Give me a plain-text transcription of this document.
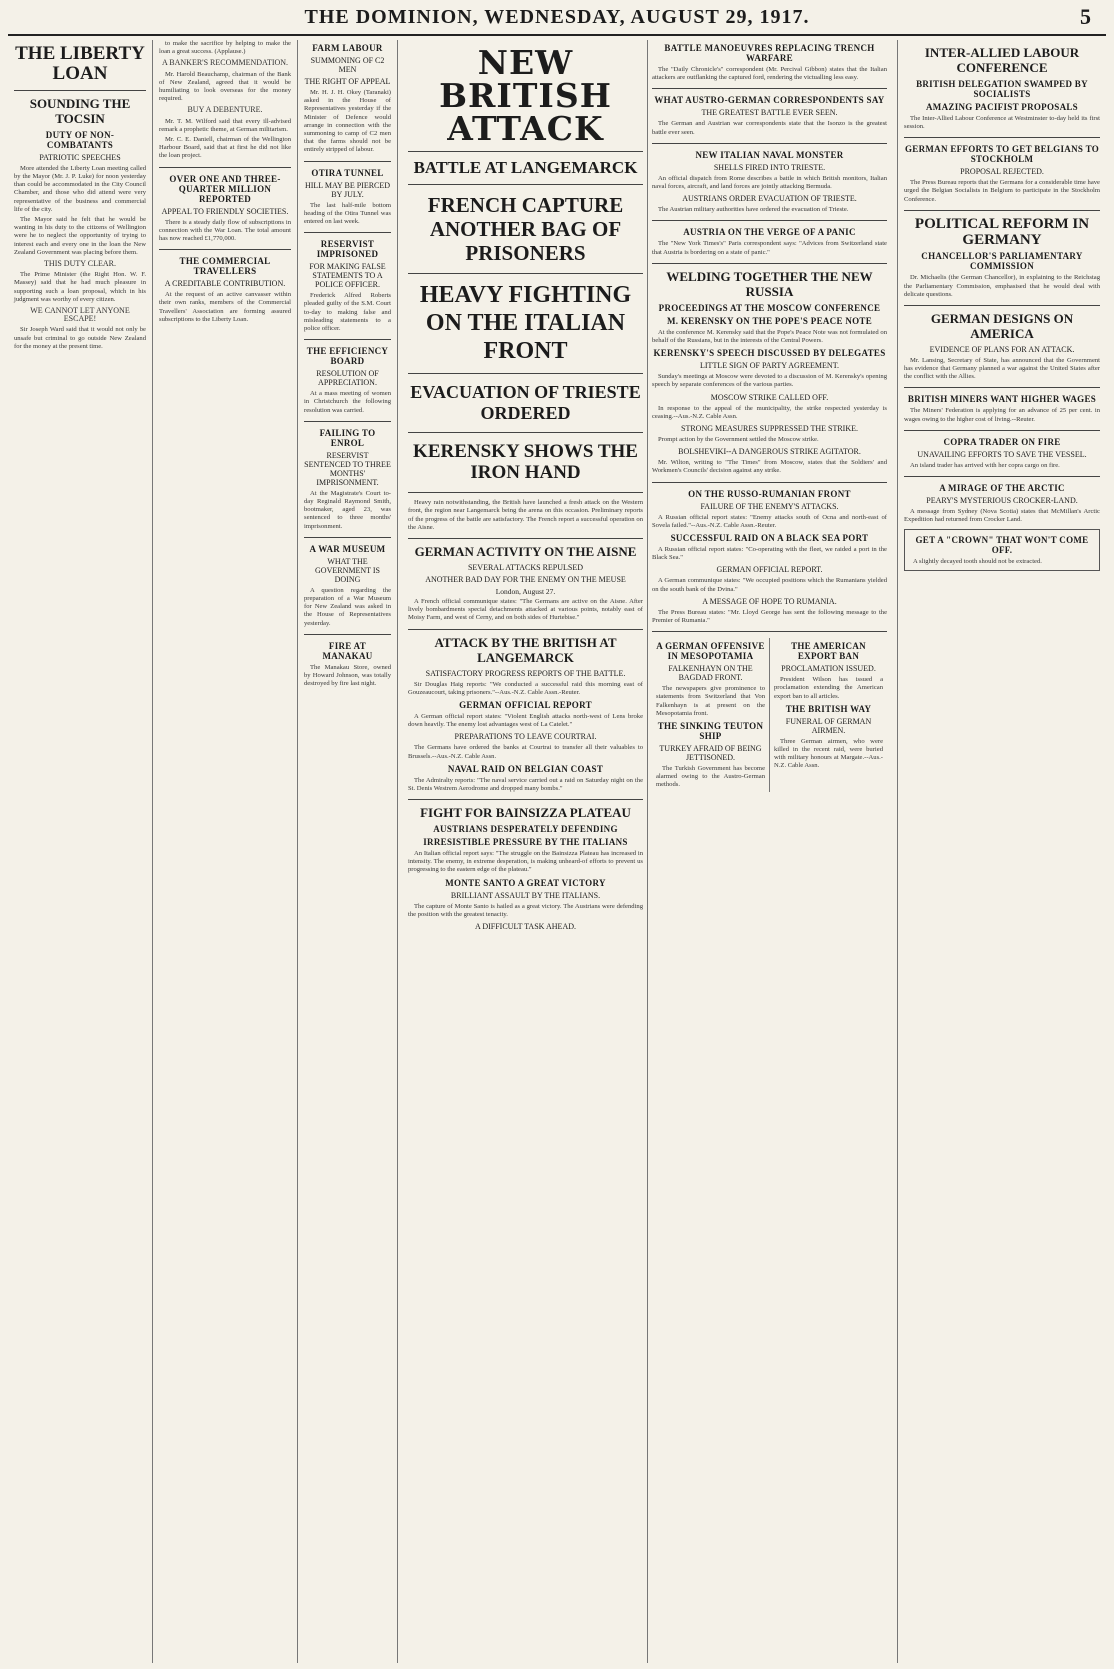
THE DOMINION, WEDNESDAY, AUGUST 29, 1917.	5
THE LIBERTY LOAN
SOUNDING THE TOCSIN
DUTY OF NON-COMBATANTS
PATRIOTIC SPEECHES

More attended the Liberty Loan meeting called by the Mayor (Mr. J. P. Luke) for noon yesterday than could be accommodated in the City Council Chamber, and those who did attend were very representative of the business and commercial life of the city.

The Mayor said he felt that he would be wanting in his duty to the citizens of Wellington were he to neglect the opportunity of trying to interest each and every one in the loan the New Zealand Government was placing before them.

THIS DUTY CLEAR.

The Prime Minister (the Right Hon. W. F. Massey) said that he had much pleasure in supporting such a loan proposal, which in his judgment was worthy of every citizen.

WE CANNOT LET ANYONE ESCAPE!

Sir Joseph Ward said that it would not only be unsafe but criminal to go outside New Zealand for the money at the present time.

to make the sacrifice by helping to make the loan a great success. (Applause.)

A BANKER'S RECOMMENDATION.

Mr. Harold Beauchamp, chairman of the Bank of New Zealand, agreed that it would be humiliating to look overseas for the money required.

BUY A DEBENTURE.

Mr. T. M. Wilford said that every ill-advised remark a prophetic theme, at German militarism.

Mr. C. E. Daniell, chairman of the Wellington Harbour Board, said that at first he did not like the loan project.

OVER ONE AND THREE-QUARTER MILLION REPORTED
APPEAL TO FRIENDLY SOCIETIES.

There is a steady daily flow of subscriptions in connection with the War Loan. The total amount has now reached £1,770,000.

THE COMMERCIAL TRAVELLERS
A CREDITABLE CONTRIBUTION.

At the request of an active canvasser within their own ranks, members of the Commercial Travellers' Association are forming assured subscriptions to the Liberty Loan.

FARM LABOUR
SUMMONING OF C2 MEN
THE RIGHT OF APPEAL

Mr. H. J. H. Okey (Taranaki) asked in the House of Representatives yesterday if the Minister of Defence would arrange in connection with the summoning to camp of C2 men that the farms should not be entirely stripped of labour.

OTIRA TUNNEL
HILL MAY BE PIERCED BY JULY.

The last half-mile bottom heading of the Otira Tunnel was entered on last week.

RESERVIST IMPRISONED
FOR MAKING FALSE STATEMENTS TO A POLICE OFFICER.

Frederick Alfred Roberts pleaded guilty of the S.M. Court to-day to making false and misleading statements to a police officer.

THE EFFICIENCY BOARD
RESOLUTION OF APPRECIATION.

At a mass meeting of women in Christchurch the following resolution was carried.

FAILING TO ENROL
RESERVIST SENTENCED TO THREE MONTHS' IMPRISONMENT.

At the Magistrate's Court to-day Reginald Raymond Smith, bootmaker, aged 23, was sentenced to three months' imprisonment.

A WAR MUSEUM
WHAT THE GOVERNMENT IS DOING

A question regarding the preparation of a War Museum for New Zealand was asked in the House of Representatives yesterday.

FIRE AT MANAKAU

The Manakau Store, owned by Howard Johnson, was totally destroyed by fire last night.

NEW BRITISH ATTACK
BATTLE AT LANGEMARCK
FRENCH CAPTURE ANOTHER BAG OF PRISONERS
HEAVY FIGHTING ON THE ITALIAN FRONT
EVACUATION OF TRIESTE ORDERED
KERENSKY SHOWS THE IRON HAND

Heavy rain notwithstanding, the British have launched a fresh attack on the Western front, the region near Langemarck being the arena on this occasion. Preliminary reports of the progress of the battle are satisfactory. The French report a successful operation on the Aisne.

GERMAN ACTIVITY ON THE AISNE
SEVERAL ATTACKS REPULSED
ANOTHER BAD DAY FOR THE ENEMY ON THE MEUSE
London, August 27.

A French official communique states: "The Germans are active on the Aisne. After lively bombardments special detachments attacked at various points, notably east of Moisy Farm, and west of Cerny, and on both sides of Hurtebise."

ATTACK BY THE BRITISH AT LANGEMARCK
SATISFACTORY PROGRESS REPORTS OF THE BATTLE.

Sir Douglas Haig reports: "We conducted a successful raid this morning east of Gouzeaucourt, taking prisoners."--Aus.-N.Z. Cable Assn.-Reuter.

GERMAN OFFICIAL REPORT

A German official report states: "Violent English attacks north-west of Lens broke down heavily. The enemy lost advantages west of La Catelet."

PREPARATIONS TO LEAVE COURTRAI.

The Germans have ordered the banks at Courtrai to transfer all their valuables to Brussels.--Aus.-N.Z. Cable Assn.

NAVAL RAID ON BELGIAN COAST

The Admiralty reports: "The naval service carried out a raid on Saturday night on the St. Denis Westrem Aerodrome and dropped many bombs."

FIGHT FOR BAINSIZZA PLATEAU
AUSTRIANS DESPERATELY DEFENDING
IRRESISTIBLE PRESSURE BY THE ITALIANS

An Italian official report says: "The struggle on the Bainsizza Plateau has increased in intensity. The enemy, in extreme desperation, is making unheard-of efforts to prevent us progressing to the eastern edge of the plateau."

MONTE SANTO A GREAT VICTORY
BRILLIANT ASSAULT BY THE ITALIANS.

The capture of Monte Santo is hailed as a great victory. The Austrians were defending the position with the greatest tenacity.

A DIFFICULT TASK AHEAD.
BATTLE MANOEUVRES REPLACING TRENCH WARFARE

The "Daily Chronicle's" correspondent (Mr. Percival Gibbon) states that the Italian attackers are outflanking the captured ford, rendering the victualling less easy.

WHAT AUSTRO-GERMAN CORRESPONDENTS SAY
THE GREATEST BATTLE EVER SEEN.

The German and Austrian war correspondents state that the Isonzo is the greatest battle ever seen.

NEW ITALIAN NAVAL MONSTER
SHELLS FIRED INTO TRIESTE.

An official dispatch from Rome describes a battle in which British monitors, Italian naval forces, aircraft, and land forces are jointly attacking Bermuda.

AUSTRIANS ORDER EVACUATION OF TRIESTE.

The Austrian military authorities have ordered the evacuation of Trieste.

AUSTRIA ON THE VERGE OF A PANIC

The "New York Times's" Paris correspondent says: "Advices from Switzerland state that Austria is bordering on a state of panic."

WELDING TOGETHER THE NEW RUSSIA
PROCEEDINGS AT THE MOSCOW CONFERENCE
M. KERENSKY ON THE POPE'S PEACE NOTE

At the conference M. Kerensky said that the Pope's Peace Note was not formulated on behalf of the Russians, but in the interests of the Central Powers.

KERENSKY'S SPEECH DISCUSSED BY DELEGATES
LITTLE SIGN OF PARTY AGREEMENT.

Sunday's meetings at Moscow were devoted to a discussion of M. Kerensky's opening speech by separate conferences of the various parties.

MOSCOW STRIKE CALLED OFF.

In response to the appeal of the municipality, the strike respected yesterday is ceasing.--Aus.-N.Z. Cable Assn.

STRONG MEASURES SUPPRESSED THE STRIKE.

Prompt action by the Government settled the Moscow strike.

BOLSHEVIKI--A DANGEROUS STRIKE AGITATOR.

Mr. Wilton, writing to "The Times" from Moscow, states that the Soldiers' and Workmen's Councils' decision against any strike.

ON THE RUSSO-RUMANIAN FRONT
FAILURE OF THE ENEMY'S ATTACKS.

A Russian official report states: "Enemy attacks south of Ocna and north-east of Sovela failed."--Aus.-N.Z. Cable Assn.-Reuter.

SUCCESSFUL RAID ON A BLACK SEA PORT

A Russian official report states: "Co-operating with the fleet, we raided a port in the Black Sea."

GERMAN OFFICIAL REPORT.

A German communique states: "We occupied positions which the Rumanians yielded on the south bank of the Dvina."

A MESSAGE OF HOPE TO RUMANIA.

The Press Bureau states: "Mr. Lloyd George has sent the following message to the Premier of Rumania."

A GERMAN OFFENSIVE IN MESOPOTAMIA
FALKENHAYN ON THE BAGDAD FRONT.

The newspapers give prominence to statements from Switzerland that Von Falkenhayn is at present on the Mesopotamia front.

THE SINKING TEUTON SHIP
TURKEY AFRAID OF BEING JETTISONED.

The Turkish Government has become alarmed owing to the Austro-German methods.

THE AMERICAN EXPORT BAN
PROCLAMATION ISSUED.

President Wilson has issued a proclamation extending the American export ban to all articles.

THE BRITISH WAY
FUNERAL OF GERMAN AIRMEN.

Three German airmen, who were killed in the recent raid, were buried with military honours at Margate.--Aus.-N.Z. Cable Assn.

INTER-ALLIED LABOUR CONFERENCE
BRITISH DELEGATION SWAMPED BY SOCIALISTS
AMAZING PACIFIST PROPOSALS

The Inter-Allied Labour Conference at Westminster to-day held its first session.

GERMAN EFFORTS TO GET BELGIANS TO STOCKHOLM
PROPOSAL REJECTED.

The Press Bureau reports that the Germans for a considerable time have urged the Belgian Socialists in Belgium to participate in the Stockholm Conference.

POLITICAL REFORM IN GERMANY
CHANCELLOR'S PARLIAMENTARY COMMISSION

Dr. Michaelis (the German Chancellor), in explaining to the Reichstag the Parliamentary Commission, emphasised that he would deal with delicate questions.

GERMAN DESIGNS ON AMERICA
EVIDENCE OF PLANS FOR AN ATTACK.

Mr. Lansing, Secretary of State, has announced that the Government has evidence that Germany planned a war against the United States after the conflict with the Allies.

BRITISH MINERS WANT HIGHER WAGES

The Miners' Federation is applying for an advance of 25 per cent. in wages owing to the higher cost of living.--Reuter.

COPRA TRADER ON FIRE
UNAVAILING EFFORTS TO SAVE THE VESSEL.

An island trader has arrived with her copra cargo on fire.

A MIRAGE OF THE ARCTIC
PEARY'S MYSTERIOUS CROCKER-LAND.

A message from Sydney (Nova Scotia) states that McMillan's Arctic Expedition had returned from Crocker Land.

GET A "CROWN" THAT WON'T COME OFF.

A slightly decayed tooth should not be extracted.
